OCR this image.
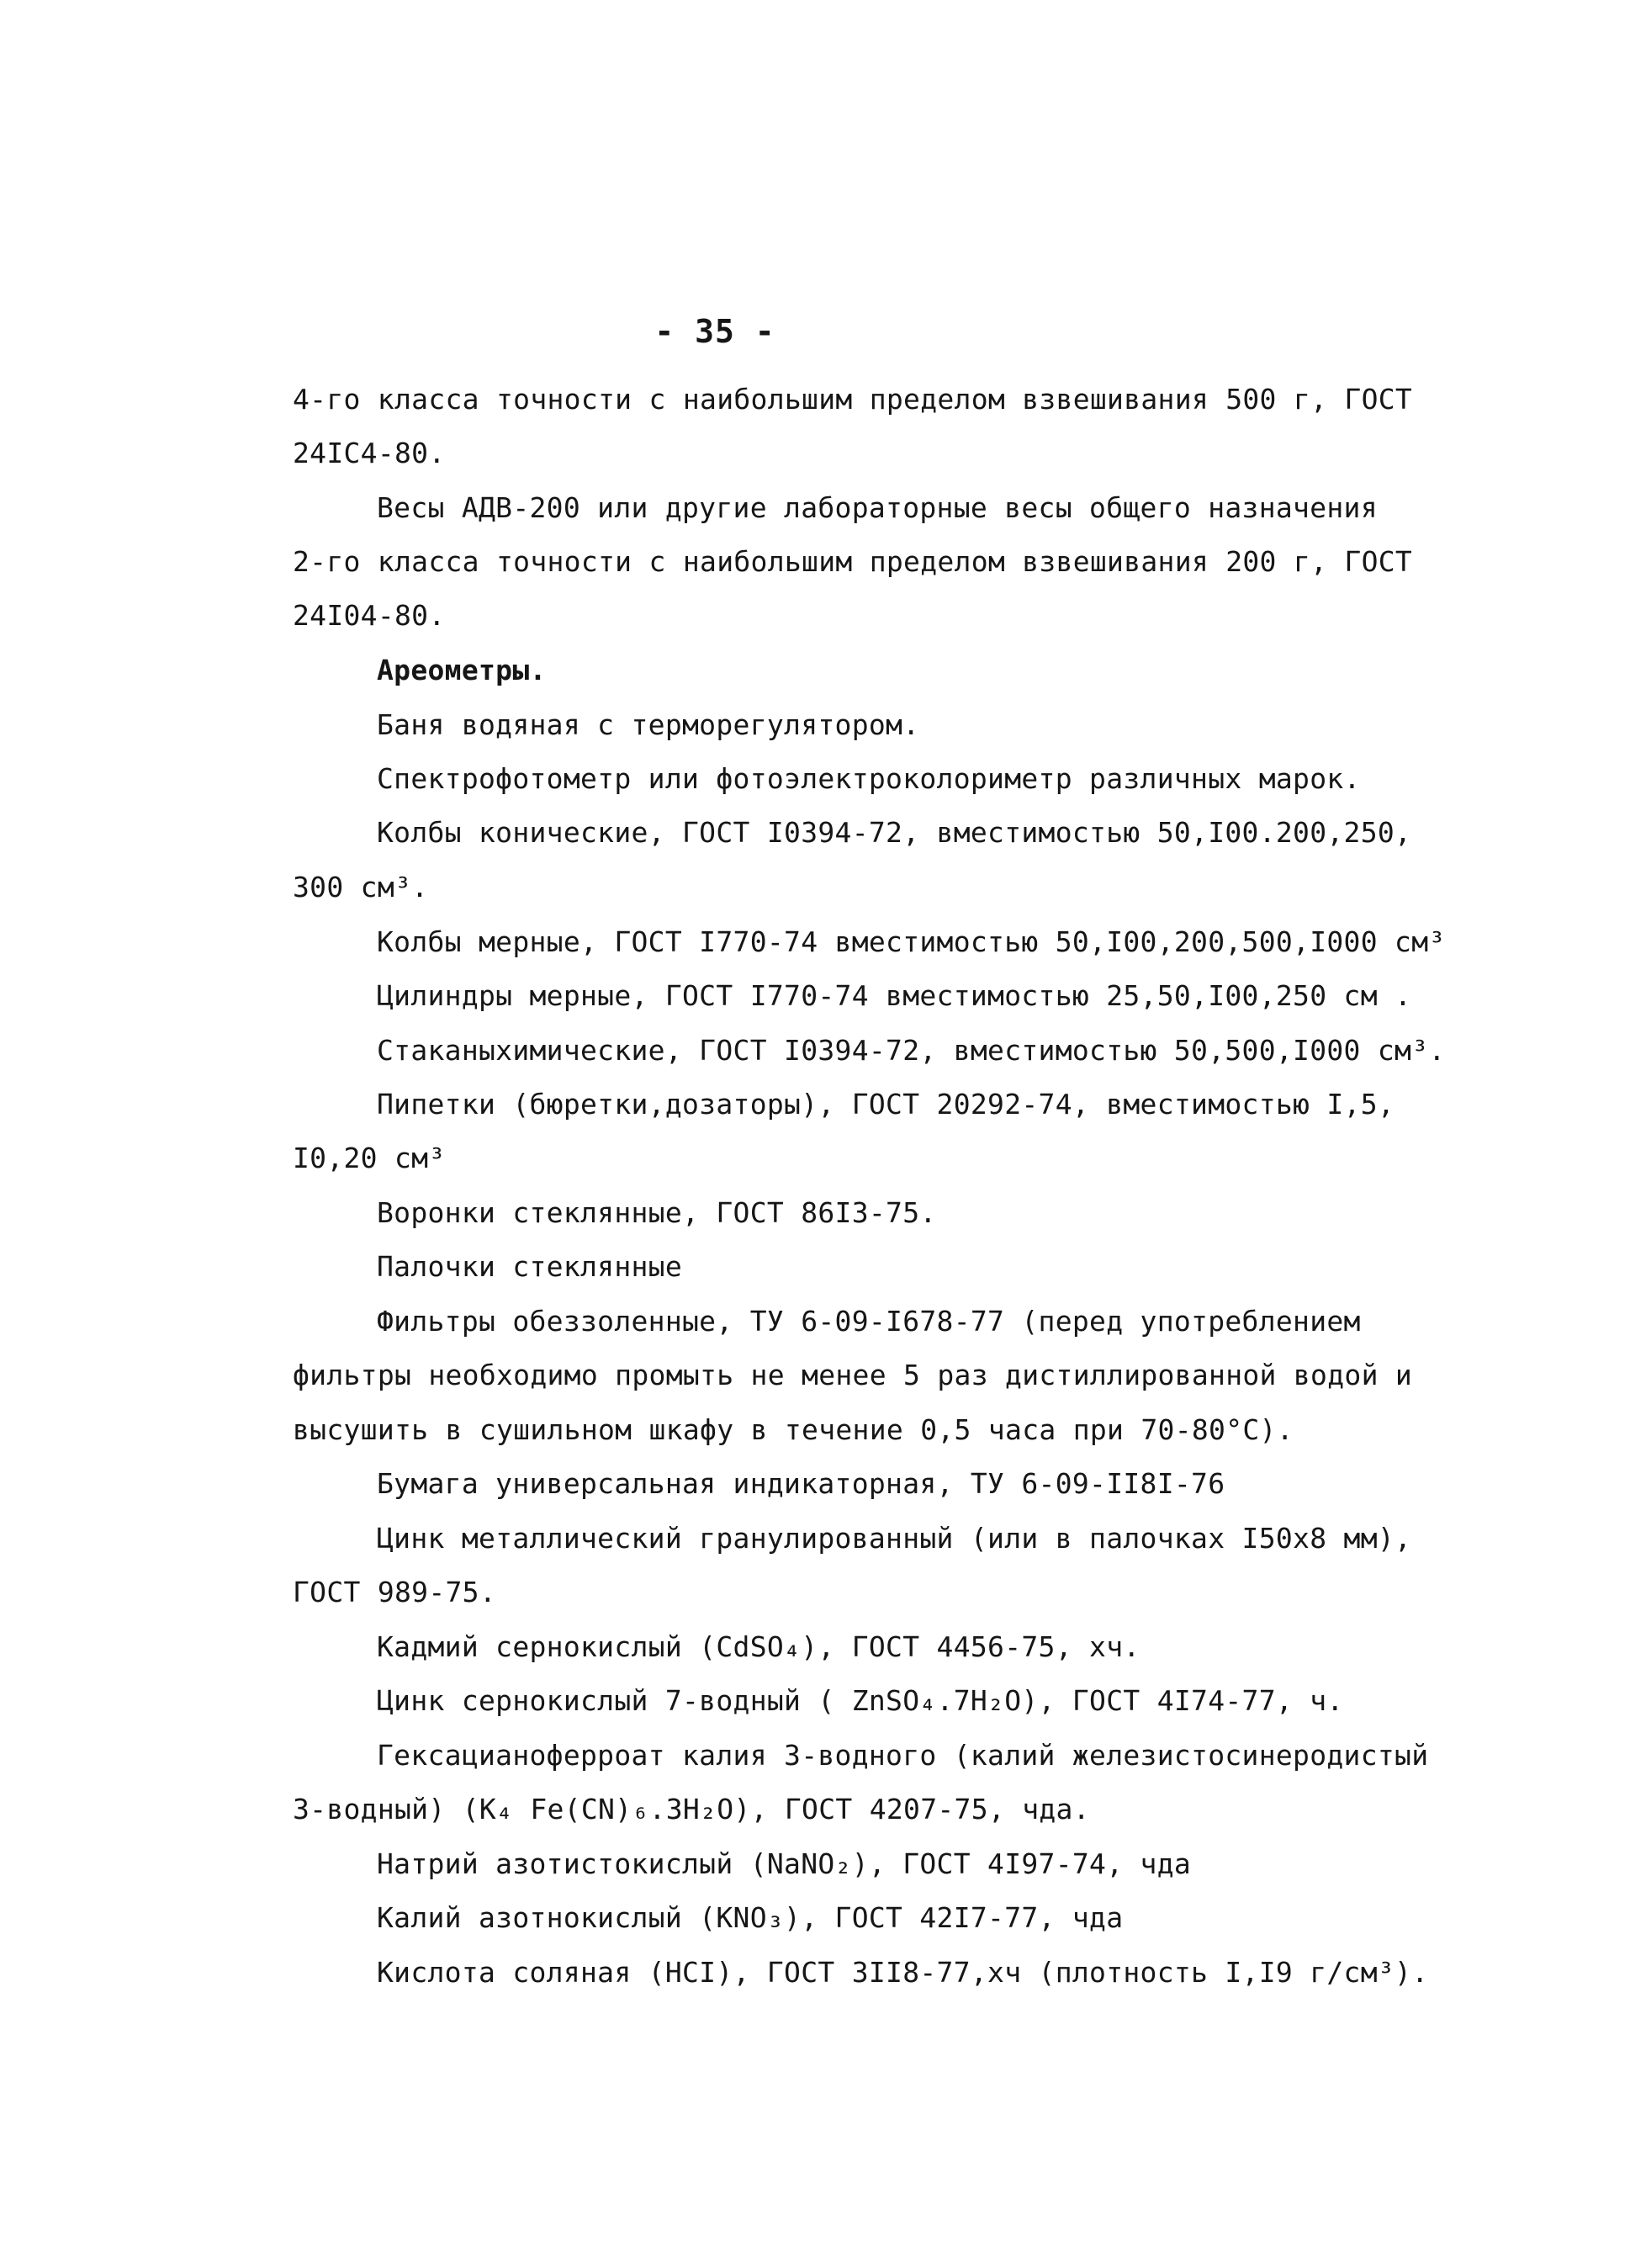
- 35 -
4-го класса точности с наибольшим пределом взвешивания 500 г, ГОСТ
24IC4-80.
Весы АДВ-200 или другие лабораторные весы общего назначения
2-го класса точности с наибольшим пределом взвешивания 200 г, ГОСТ
24I04-80.
Ареометры.
Баня водяная с терморегулятором.
Спектрофотометр или фотоэлектроколориметр различных марок.
Колбы конические, ГОСТ I0394-72, вместимостью 50,I00.200,250,
300 см³.
Колбы мерные, ГОСТ I770-74 вместимостью 50,I00,200,500,I000 см³
Цилиндры мерные, ГОСТ I770-74 вместимостью 25,50,I00,250 см .
Стаканыхимические, ГОСТ I0394-72, вместимостью 50,500,I000 см³.
Пипетки (бюретки,дозаторы), ГОСТ 20292-74, вместимостью I,5,
I0,20 см³
Воронки стеклянные, ГОСТ 86I3-75.
Палочки стеклянные
Фильтры обеззоленные, ТУ 6-09-I678-77 (перед употреблением
фильтры необходимо промыть не менее 5 раз дистиллированной водой и
высушить в сушильном шкафу в течение 0,5 часа при 70-80°С).
Бумага универсальная индикаторная, ТУ 6-09-II8I-76
Цинк металлический гранулированный (или в палочках I50х8 мм),
ГОСТ 989-75.
Кадмий сернокислый (CdSO₄), ГОСТ 4456-75, хч.
Цинк сернокислый 7-водный ( ZnSO₄.7H₂O), ГОСТ 4I74-77, ч.
Гексацианоферроат калия 3-водного (калий железистосинеродистый
3-водный) (K₄ Fe(CN)₆.3H₂O), ГОСТ 4207-75, чда.
Натрий азотистокислый (NaNO₂), ГОСТ 4I97-74, чда
Калий азотнокислый (KNO₃), ГОСТ 42I7-77, чда
Кислота соляная (HCI), ГОСТ 3II8-77,хч (плотность I,I9 г/см³).
